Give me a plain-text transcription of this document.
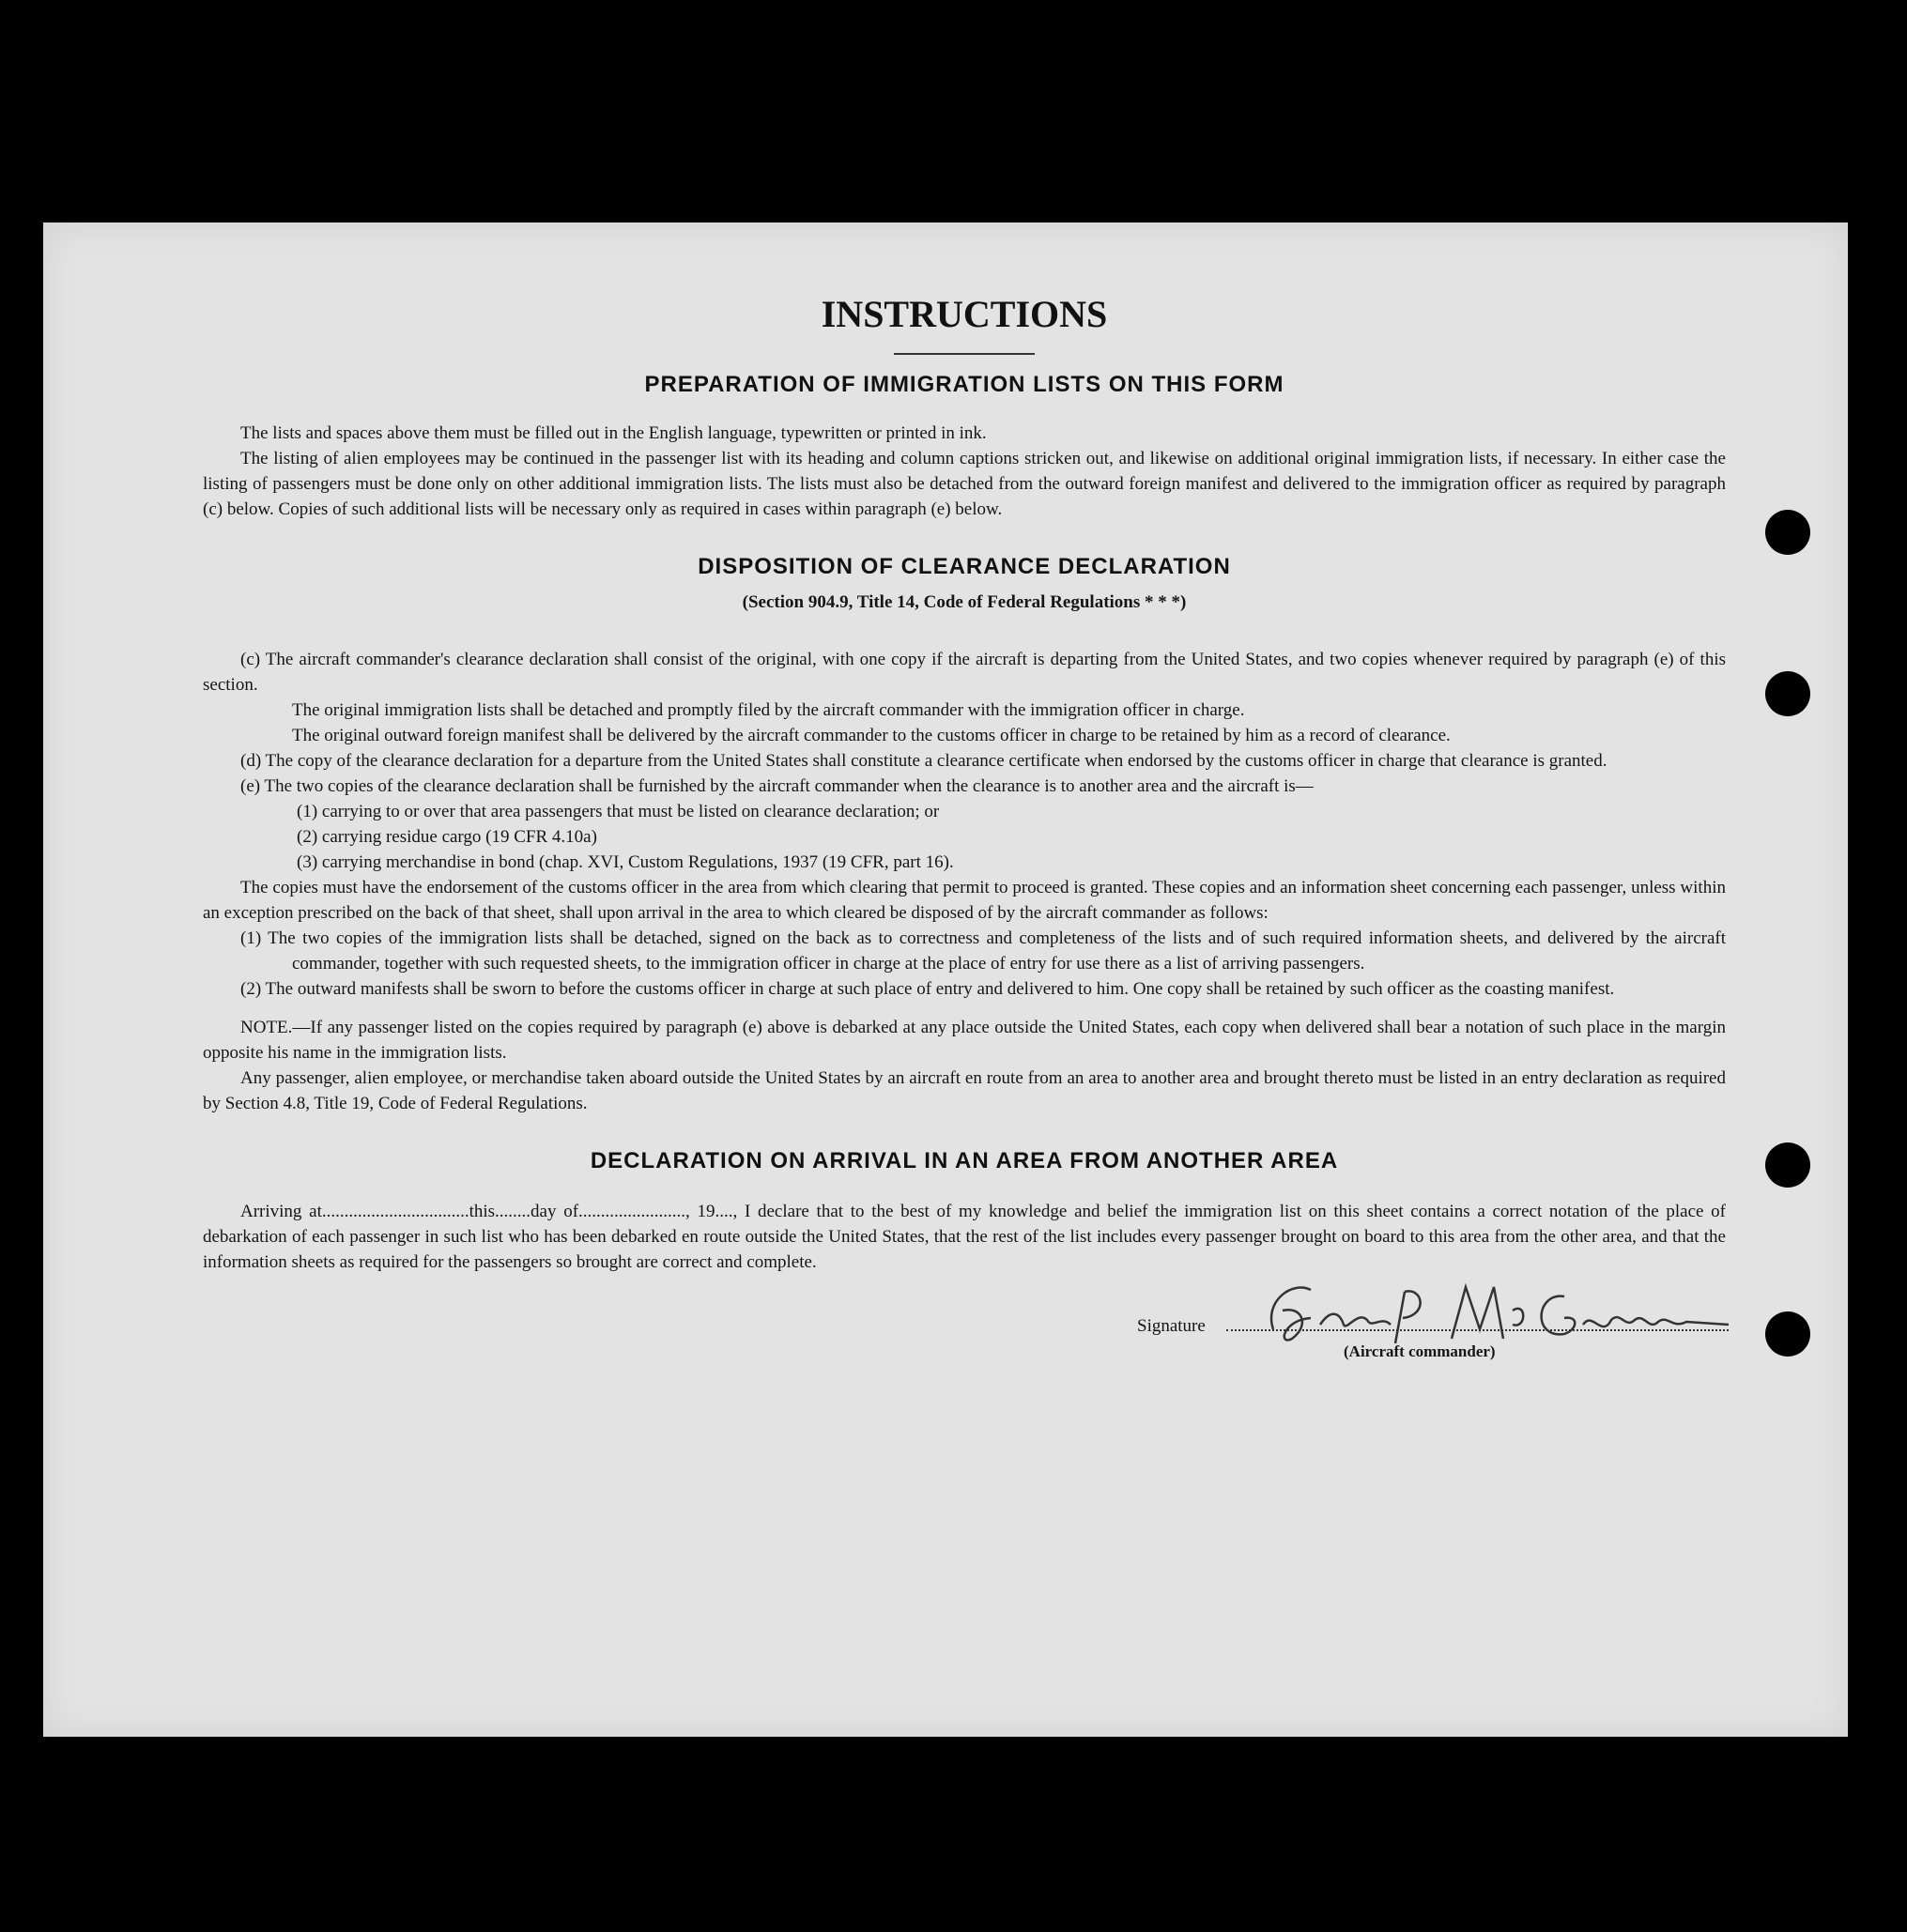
INSTRUCTIONS
PREPARATION OF IMMIGRATION LISTS ON THIS FORM

The lists and spaces above them must be filled out in the English language, typewritten or printed in ink.

The listing of alien employees may be continued in the passenger list with its heading and column captions stricken out, and likewise on additional original immigration lists, if necessary. In either case the listing of passengers must be done only on other additional immigration lists. The lists must also be detached from the outward foreign manifest and delivered to the immigration officer as required by paragraph (c) below. Copies of such additional lists will be necessary only as required in cases within paragraph (e) below.

DISPOSITION OF CLEARANCE DECLARATION

(Section 904.9, Title 14, Code of Federal Regulations * * *)

(c) The aircraft commander's clearance declaration shall consist of the original, with one copy if the aircraft is departing from the United States, and two copies whenever required by paragraph (e) of this section.

The original immigration lists shall be detached and promptly filed by the aircraft commander with the immigration officer in charge.

The original outward foreign manifest shall be delivered by the aircraft commander to the customs officer in charge to be retained by him as a record of clearance.

(d) The copy of the clearance declaration for a departure from the United States shall constitute a clearance certificate when endorsed by the customs officer in charge that clearance is granted.

(e) The two copies of the clearance declaration shall be furnished by the aircraft commander when the clearance is to another area and the aircraft is—

(1) carrying to or over that area passengers that must be listed on clearance declaration; or

(2) carrying residue cargo (19 CFR 4.10a)

(3) carrying merchandise in bond (chap. XVI, Custom Regulations, 1937 (19 CFR, part 16).

The copies must have the endorsement of the customs officer in the area from which clearing that permit to proceed is granted. These copies and an information sheet concerning each passenger, unless within an exception prescribed on the back of that sheet, shall upon arrival in the area to which cleared be disposed of by the aircraft commander as follows:

(1) The two copies of the immigration lists shall be detached, signed on the back as to correctness and completeness of the lists and of such required information sheets, and delivered by the aircraft commander, together with such requested sheets, to the immigration officer in charge at the place of entry for use there as a list of arriving passengers.

(2) The outward manifests shall be sworn to before the customs officer in charge at such place of entry and delivered to him. One copy shall be retained by such officer as the coasting manifest.

NOTE.—If any passenger listed on the copies required by paragraph (e) above is debarked at any place outside the United States, each copy when delivered shall bear a notation of such place in the margin opposite his name in the immigration lists.

Any passenger, alien employee, or merchandise taken aboard outside the United States by an aircraft en route from an area to another area and brought thereto must be listed in an entry declaration as required by Section 4.8, Title 19, Code of Federal Regulations.

DECLARATION ON ARRIVAL IN AN AREA FROM ANOTHER AREA

Arriving at.................................this........day of........................, 19...., I declare that to the best of my knowledge and belief the immigration list on this sheet contains a correct notation of the place of debarkation of each passenger in such list who has been debarked en route outside the United States, that the rest of the list includes every passenger brought on board to this area from the other area, and that the information sheets as required for the passengers so brought are correct and complete.

Signature
(Aircraft commander)
